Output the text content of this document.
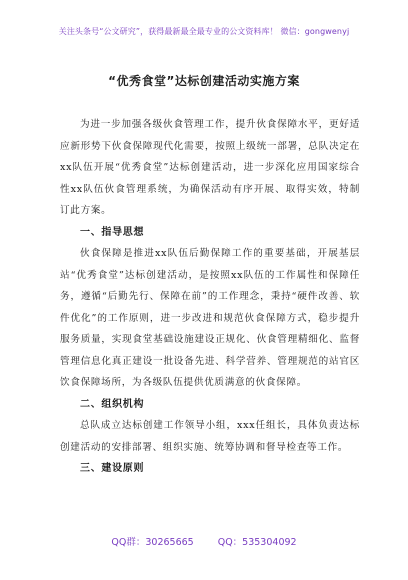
关注头条号“公文研究”，获得最新最全最专业的公文资料库！ 微信：gongwenyj
“优秀食堂”达标创建活动实施方案

为进一步加强各级伙食管理工作，提升伙食保障水平，更好适应新形势下伙食保障现代化需要，按照上级统一部署，总队决定在xx队伍开展“优秀食堂”达标创建活动，进一步深化应用国家综合性xx队伍伙食管理系统，为确保活动有序开展、取得实效，特制订此方案。

一、指导思想

伙食保障是推进xx队伍后勤保障工作的重要基础，开展基层站“优秀食堂”达标创建活动，是按照xx队伍的工作属性和保障任务，遵循“后勤先行、保障在前”的工作理念，秉持“硬件改善、软件优化”的工作原则，进一步改进和规范伙食保障方式，稳步提升服务质量，实现食堂基础设施建设正规化、伙食管理精细化、监督管理信息化真正建设一批设备先进、科学营养、管理规范的站官区饮食保障场所，为各级队伍提供优质满意的伙食保障。

二、组织机构

总队成立达标创建工作领导小组，xxx任组长，具体负责达标创建活动的安排部署、组织实施、统筹协调和督导检查等工作。

三、建设原则

QQ群：30265665	QQ：535304092
